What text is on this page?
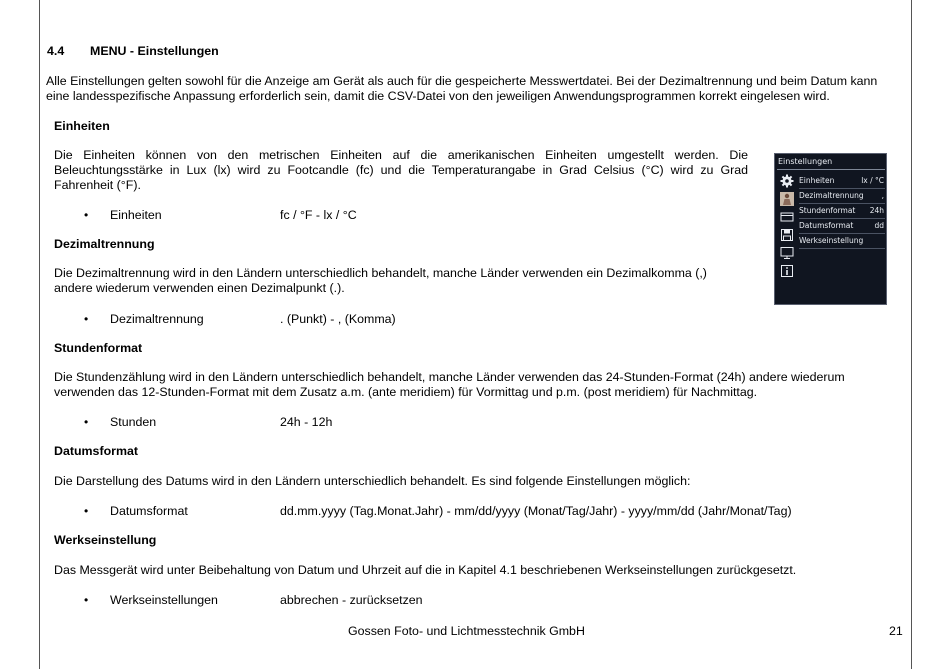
4.4 MENU - Einstellungen
Alle Einstellungen gelten sowohl für die Anzeige am Gerät als auch für die gespeicherte Messwertdatei. Bei der Dezimaltrennung und beim Datum kann
eine landesspezifische Anpassung erforderlich sein, damit die CSV-Datei von den jeweiligen Anwendungsprogrammen korrekt eingelesen wird.
Einheiten
Die Einheiten können von den metrischen Einheiten auf die amerikanischen Einheiten umgestellt werden. Die Beleuchtungsstärke in Lux (lx) wird zu Footcandle (fc) und die Temperaturangabe in Grad Celsius (°C) wird zu Grad Fahrenheit (°F).
• Einheiten	fc / °F - lx / °C
Dezimaltrennung
Die Dezimaltrennung wird in den Ländern unterschiedlich behandelt, manche Länder verwenden ein Dezimalkomma (,)
andere wiederum verwenden einen Dezimalpunkt (.).
• Dezimaltrennung	. (Punkt) - , (Komma)
Stundenformat
Die Stundenzählung wird in den Ländern unterschiedlich behandelt, manche Länder verwenden das 24-Stunden-Format (24h) andere wiederum
verwenden das 12-Stunden-Format mit dem Zusatz a.m. (ante meridiem) für Vormittag und p.m. (post meridiem) für Nachmittag.
• Stunden	24h - 12h
Datumsformat
Die Darstellung des Datums wird in den Ländern unterschiedlich behandelt. Es sind folgende Einstellungen möglich:
• Datumsformat	dd.mm.yyyy (Tag.Monat.Jahr) - mm/dd/yyyy (Monat/Tag/Jahr) - yyyy/mm/dd (Jahr/Monat/Tag)
Werkseinstellung
Das Messgerät wird unter Beibehaltung von Datum und Uhrzeit auf die in Kapitel 4.1 beschriebenen Werkseinstellungen zurückgesetzt.
• Werkseinstellungen	abbrechen - zurücksetzen
Gossen Foto- und Lichtmesstechnik GmbH	21
Einstellungen
Einheiten	lx / °C
Dezimaltrennung ,
Stundenformat 24h
Datumsformat	dd
Werkseinstellung
